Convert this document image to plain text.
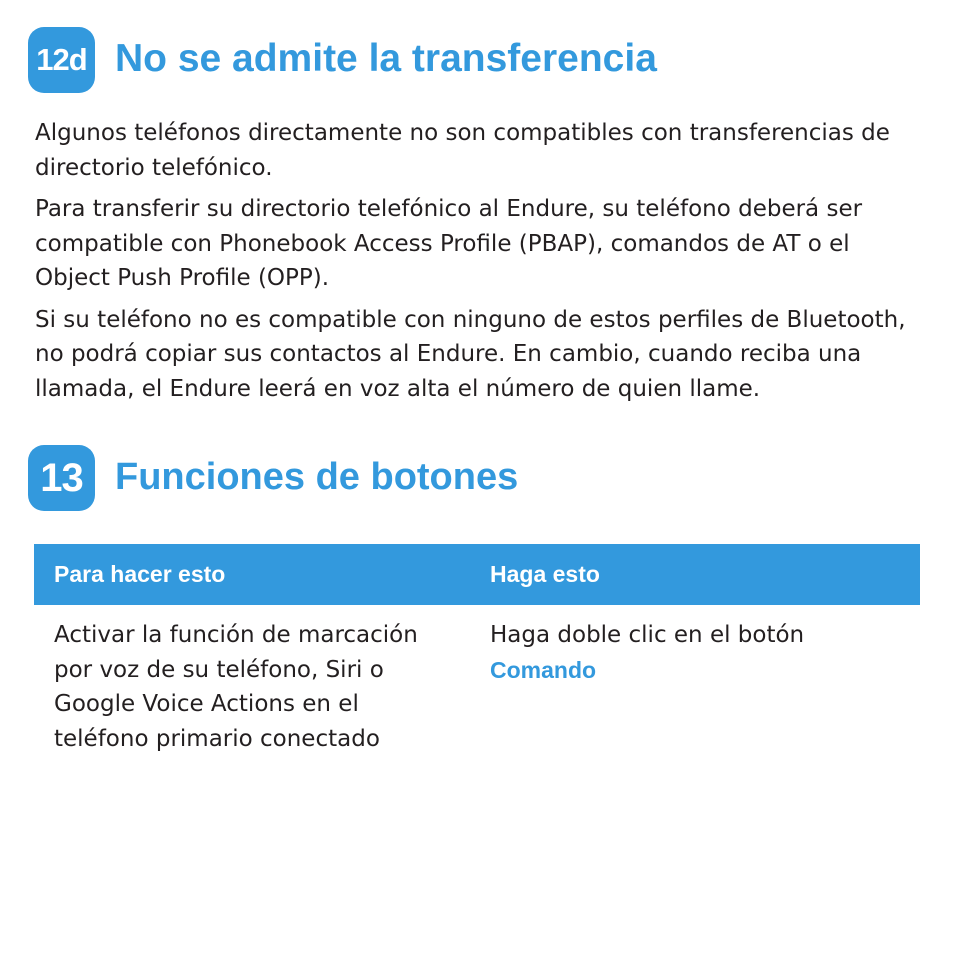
12d No se admite la transferencia

Algunos teléfonos directamente no son compatibles con transferencias de directorio telefónico.

Para transferir su directorio telefónico al Endure, su teléfono deberá ser compatible con Phonebook Access Profile (PBAP), comandos de AT o el Object Push Profile (OPP).

Si su teléfono no es compatible con ninguno de estos perfiles de Bluetooth, no podrá copiar sus contactos al Endure. En cambio, cuando reciba una llamada, el Endure leerá en voz alta el número de quien llame.

13 Funciones de botones
Para hacer esto	Haga esto
Activar la función de marcación por voz de su teléfono, Siri o Google Voice Actions en el teléfono primario conectado
Haga doble clic en el botón
Comando
